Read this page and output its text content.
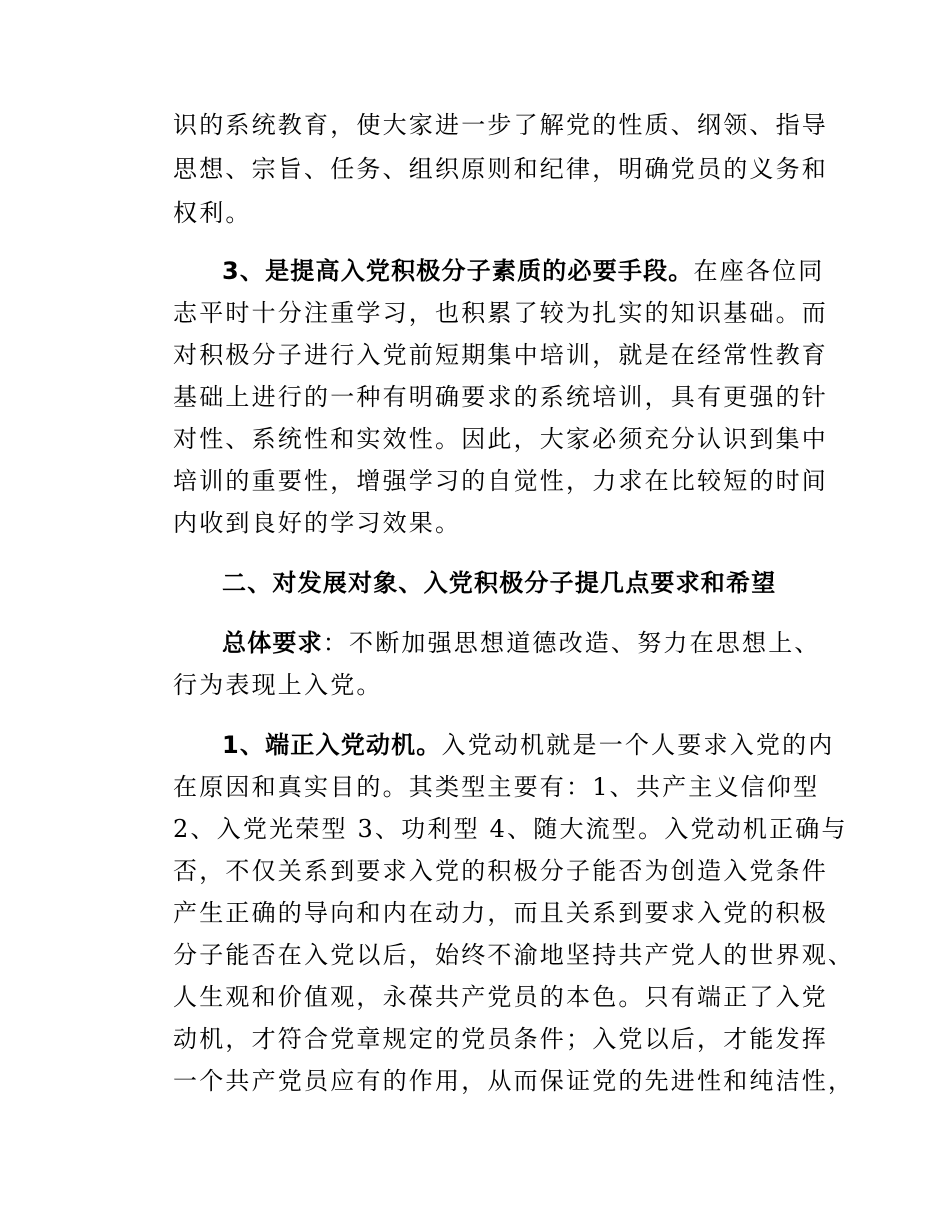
识的系统教育，使大家进一步了解党的性质、纲领、指导
思想、宗旨、任务、组织原则和纪律，明确党员的义务和
权利。
3、是提高入党积极分子素质的必要手段。在座各位同
志平时十分注重学习，也积累了较为扎实的知识基础。而
对积极分子进行入党前短期集中培训，就是在经常性教育
基础上进行的一种有明确要求的系统培训，具有更强的针
对性、系统性和实效性。因此，大家必须充分认识到集中
培训的重要性，增强学习的自觉性，力求在比较短的时间
内收到良好的学习效果。
二、对发展对象、入党积极分子提几点要求和希望
总体要求：不断加强思想道德改造、努力在思想上、
行为表现上入党。
1、端正入党动机。入党动机就是一个人要求入党的内
在原因和真实目的。其类型主要有：1、共产主义信仰型
2、入党光荣型 3、功利型 4、随大流型。入党动机正确与
否，不仅关系到要求入党的积极分子能否为创造入党条件
产生正确的导向和内在动力，而且关系到要求入党的积极
分子能否在入党以后，始终不渝地坚持共产党人的世界观、
人生观和价值观，永葆共产党员的本色。只有端正了入党
动机，才符合党章规定的党员条件；入党以后，才能发挥
一个共产党员应有的作用，从而保证党的先进性和纯洁性，
